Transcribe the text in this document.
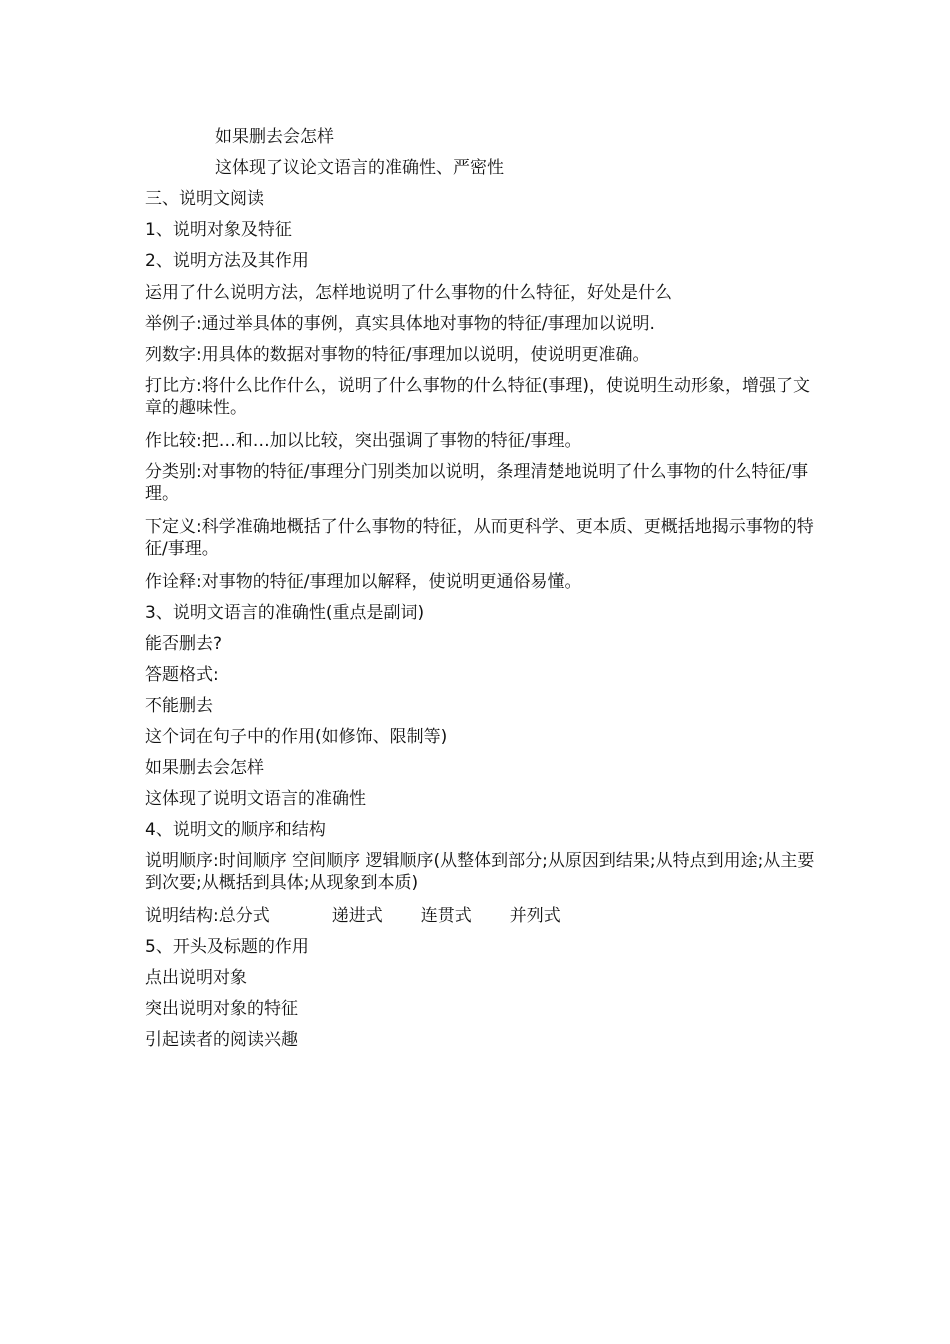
如果删去会怎样
这体现了议论文语言的准确性、严密性
三、说明文阅读
1、说明对象及特征
2、说明方法及其作用
运用了什么说明方法，怎样地说明了什么事物的什么特征，好处是什么
举例子:通过举具体的事例，真实具体地对事物的特征/事理加以说明.
列数字:用具体的数据对事物的特征/事理加以说明，使说明更准确。
打比方:将什么比作什么，说明了什么事物的什么特征(事理)，使说明生动形象，增强了文章的趣味性。
作比较:把…和…加以比较，突出强调了事物的特征/事理。
分类别:对事物的特征/事理分门别类加以说明，条理清楚地说明了什么事物的什么特征/事理。
下定义:科学准确地概括了什么事物的特征，从而更科学、更本质、更概括地揭示事物的特征/事理。
作诠释:对事物的特征/事理加以解释，使说明更通俗易懂。
3、说明文语言的准确性(重点是副词)
能否删去?
答题格式:
不能删去
这个词在句子中的作用(如修饰、限制等)
如果删去会怎样
这体现了说明文语言的准确性
4、说明文的顺序和结构
说明顺序:时间顺序 空间顺序 逻辑顺序(从整体到部分;从原因到结果;从特点到用途;从主要到次要;从概括到具体;从现象到本质)
说明结构:总分式	递进式 连贯式 并列式
5、开头及标题的作用
点出说明对象
突出说明对象的特征
引起读者的阅读兴趣
